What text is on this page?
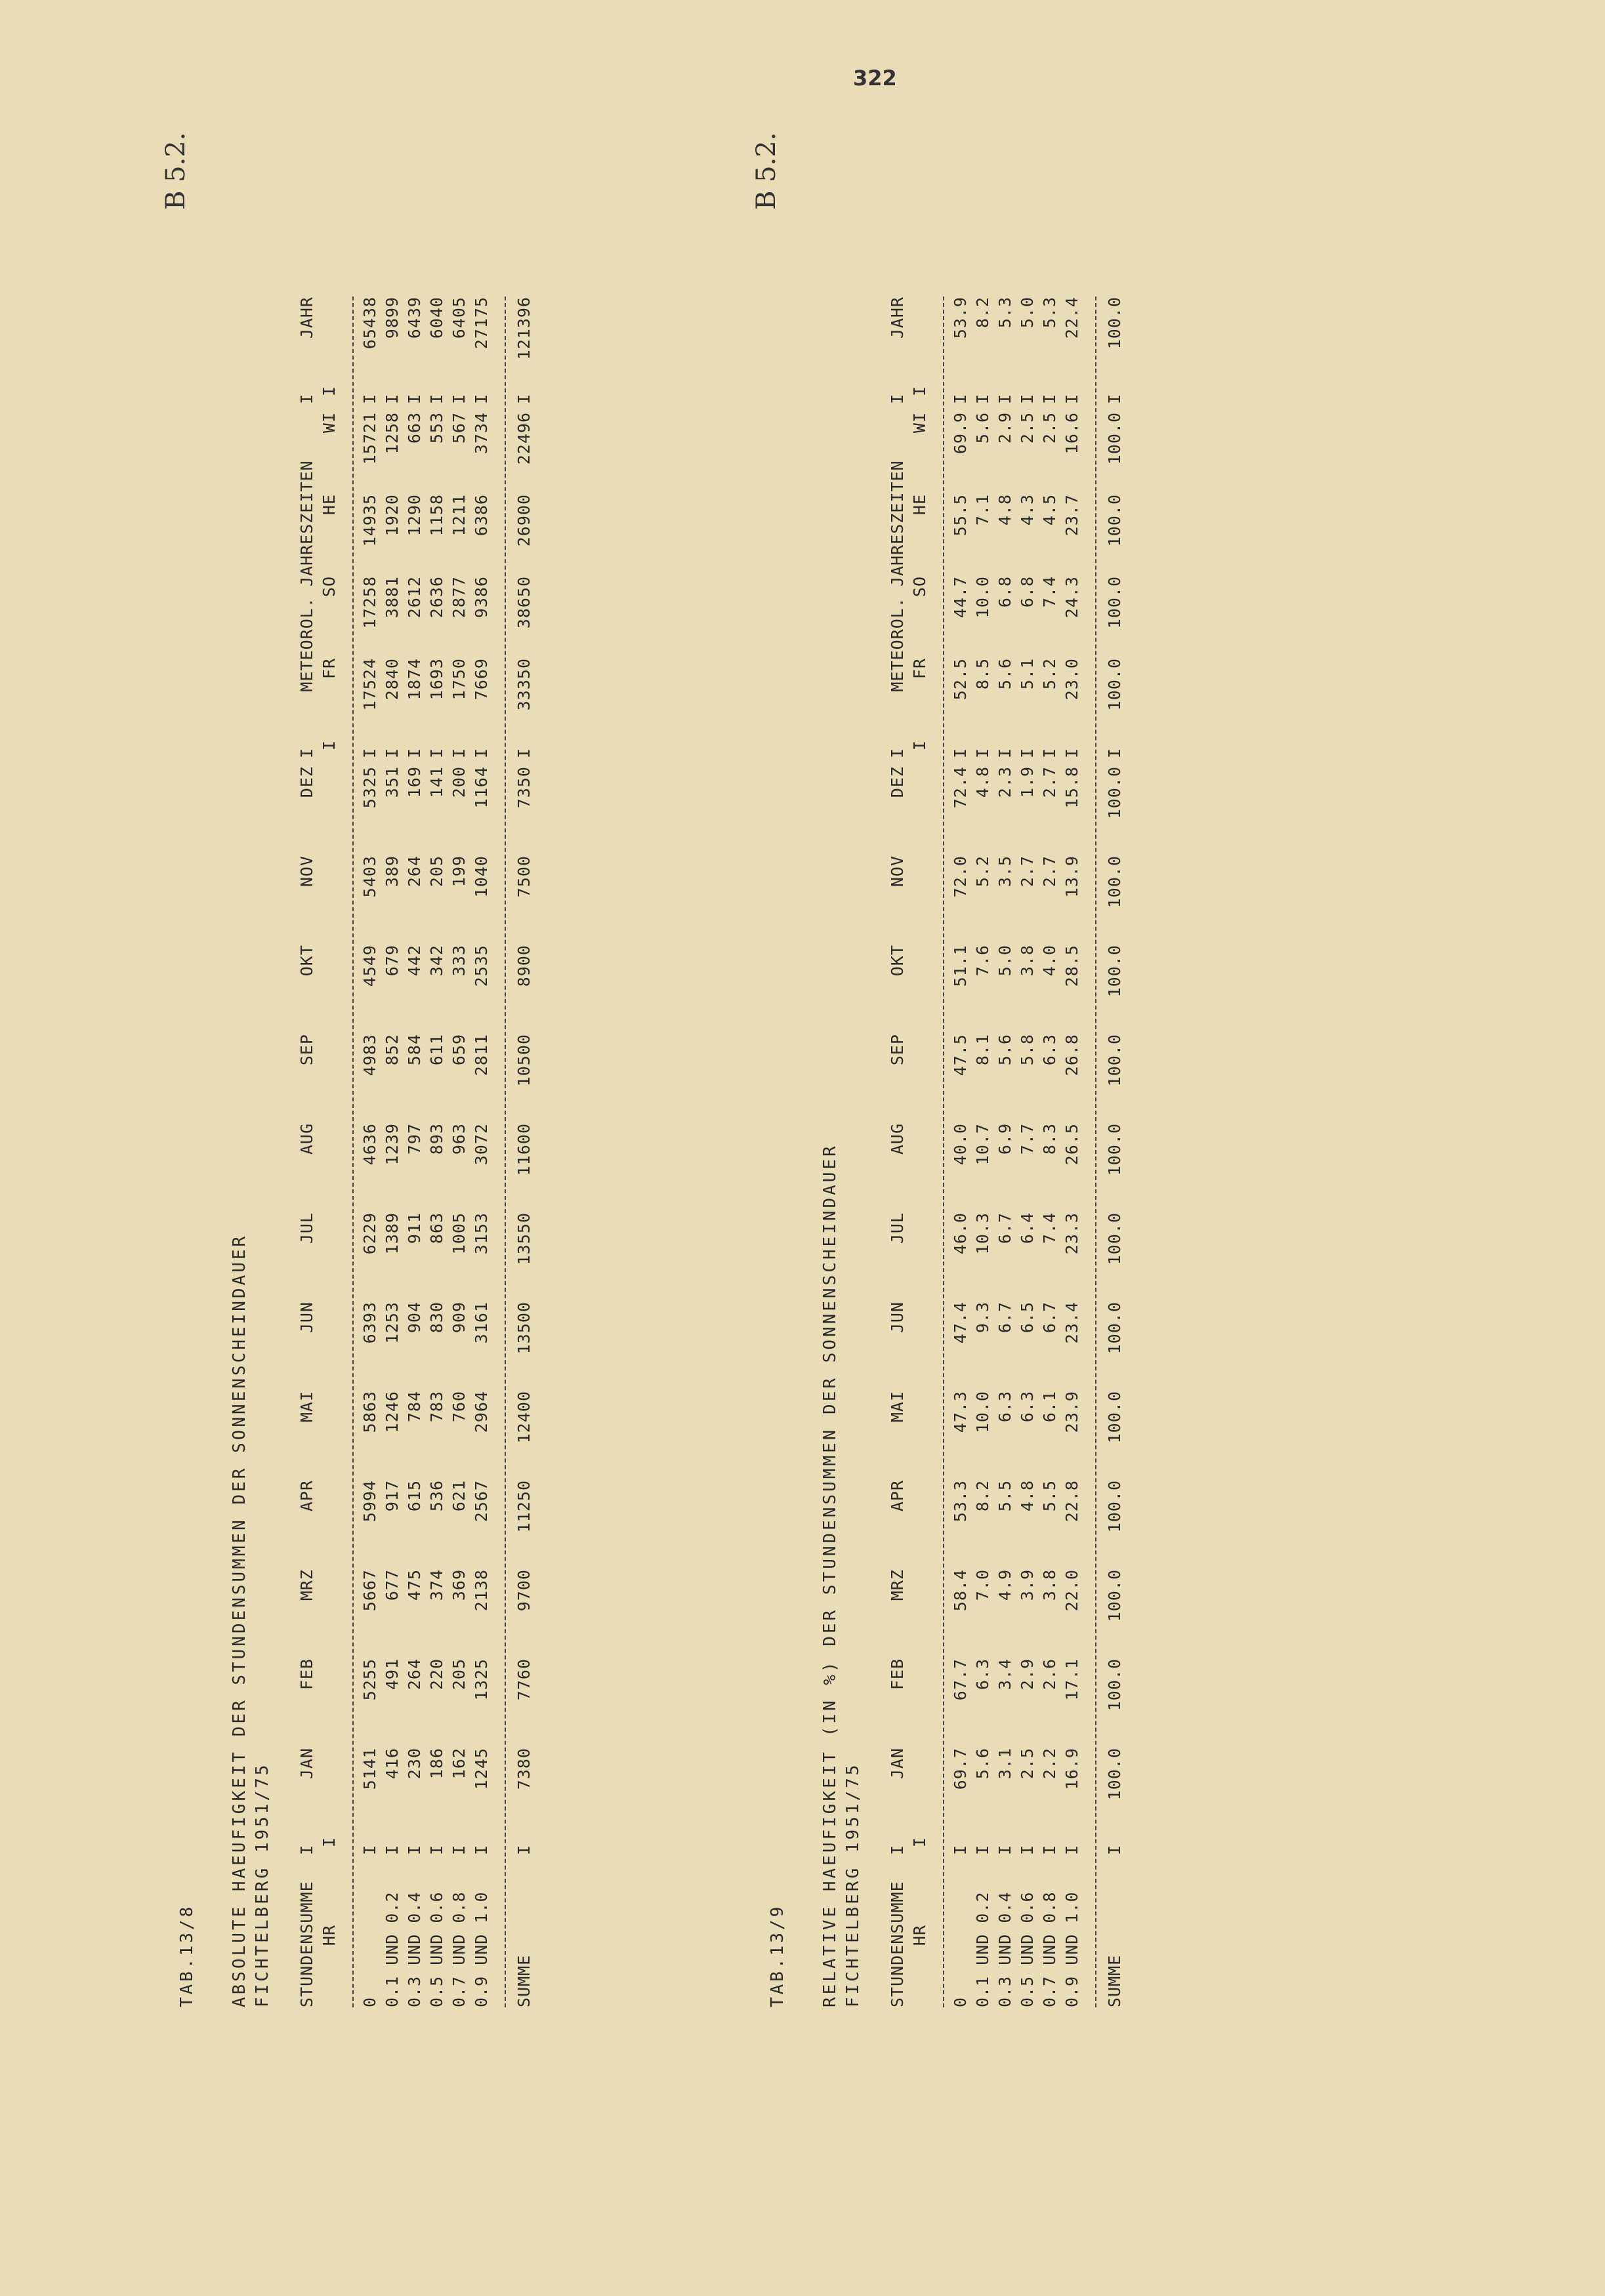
322
B 5.2.
TAB.13/8 ABSOLUTE HAEUFIGKEIT DER STUNDENSUMMEN DER SONNENSCHEINDAUER FICHTELBERG 1951/75 STUNDENSUMME	I	JAN	FEB	MRZ	APR	MAI	JUN	JUL	AUG	SEP	OKT	NOV	DEZ	I	METEOROL. JAHRESZEITEN				I	JAHR
HR	I													I	FR	SO	HE	WI	I	

0	I	5141	5255	5667	5994	5863	6393	6229	4636	4983	4549	5403	5325	I	17524	17258	14935	15721	I	65438
0.1 UND 0.2	I	416	491	677	917	1246	1253	1389	1239	852	679	389	351	I	2840	3881	1920	1258	I	9899
0.3 UND 0.4	I	230	264	475	615	784	904	911	797	584	442	264	169	I	1874	2612	1290	663	I	6439
0.5 UND 0.6	I	186	220	374	536	783	830	863	893	611	342	205	141	I	1693	2636	1158	553	I	6040
0.7 UND 0.8	I	162	205	369	621	760	909	1005	963	659	333	199	200	I	1750	2877	1211	567	I	6405
0.9 UND 1.0	I	1245	1325	2138	2567	2964	3161	3153	3072	2811	2535	1040	1164	I	7669	9386	6386	3734	I	27175

SUMME	I	7380	7760	9700	11250	12400	13500	13550	11600	10500	8900	7500	7350	I	33350	38650	26900	22496	I	121396
B 5.2.
TAB.13/9 RELATIVE HAEUFIGKEIT (IN %) DER STUNDENSUMMEN DER SONNENSCHEINDAUER FICHTELBERG 1951/75 STUNDENSUMME	I	JAN	FEB	MRZ	APR	MAI	JUN	JUL	AUG	SEP	OKT	NOV	DEZ	I	METEOROL. JAHRESZEITEN				I	JAHR
HR	I													I	FR	SO	HE	WI	I	

0	I	69.7	67.7	58.4	53.3	47.3	47.4	46.0	40.0	47.5	51.1	72.0	72.4	I	52.5	44.7	55.5	69.9	I	53.9
0.1 UND 0.2	I	5.6	6.3	7.0	8.2	10.0	9.3	10.3	10.7	8.1	7.6	5.2	4.8	I	8.5	10.0	7.1	5.6	I	8.2
0.3 UND 0.4	I	3.1	3.4	4.9	5.5	6.3	6.7	6.7	6.9	5.6	5.0	3.5	2.3	I	5.6	6.8	4.8	2.9	I	5.3
0.5 UND 0.6	I	2.5	2.9	3.9	4.8	6.3	6.5	6.4	7.7	5.8	3.8	2.7	1.9	I	5.1	6.8	4.3	2.5	I	5.0
0.7 UND 0.8	I	2.2	2.6	3.8	5.5	6.1	6.7	7.4	8.3	6.3	4.0	2.7	2.7	I	5.2	7.4	4.5	2.5	I	5.3
0.9 UND 1.0	I	16.9	17.1	22.0	22.8	23.9	23.4	23.3	26.5	26.8	28.5	13.9	15.8	I	23.0	24.3	23.7	16.6	I	22.4

SUMME	I	100.0	100.0	100.0	100.0	100.0	100.0	100.0	100.0	100.0	100.0	100.0	100.0	I	100.0	100.0	100.0	100.0	I	100.0
